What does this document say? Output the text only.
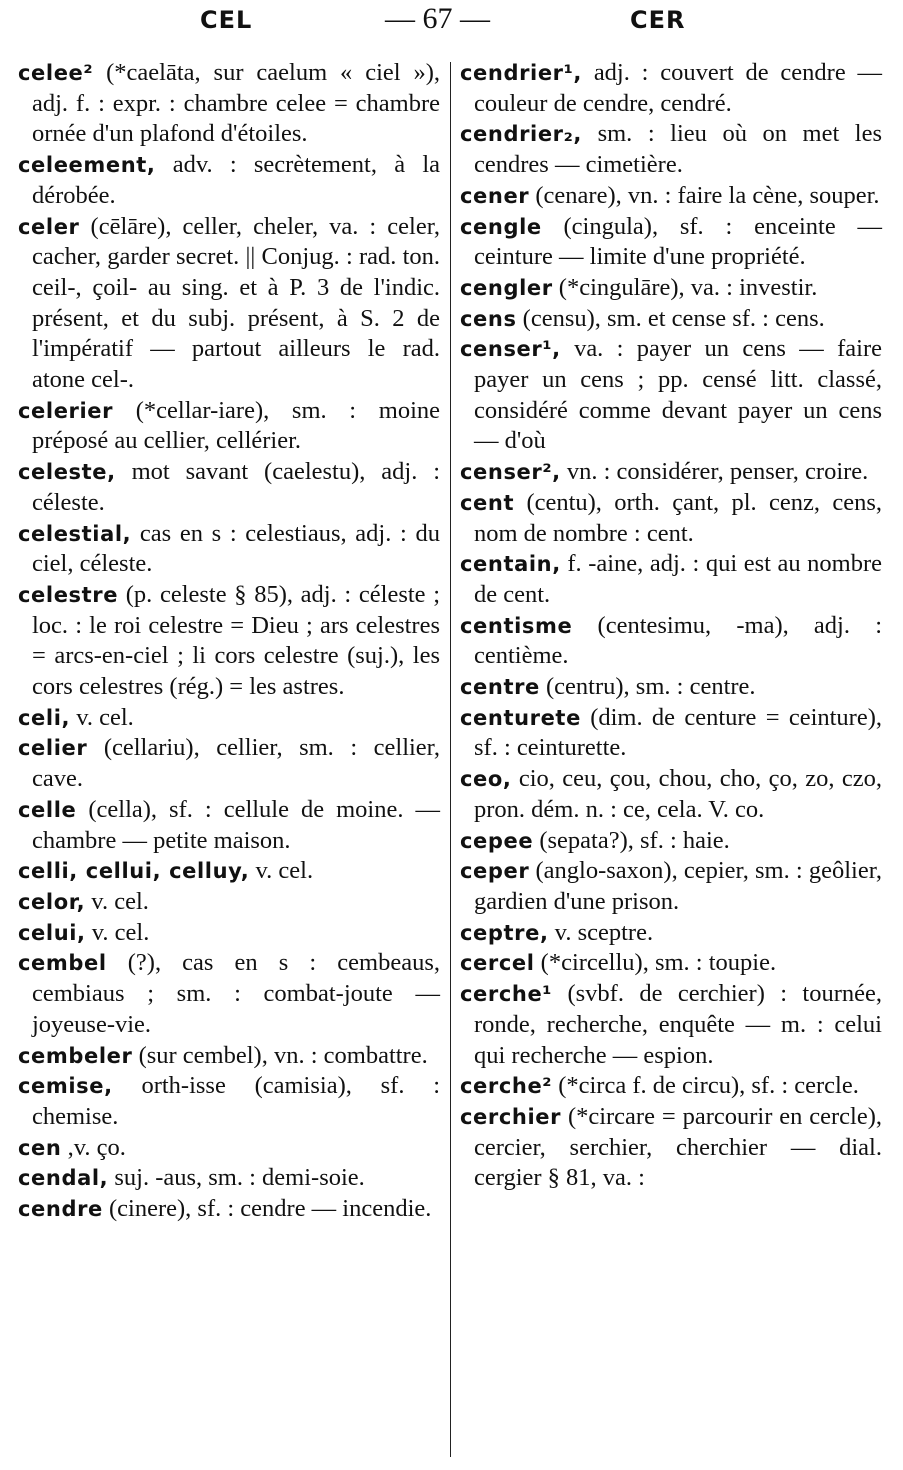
CEL	— 67 —	CER
celee² (*caelāta, sur caelum « ciel »), adj. f. : expr. : chambre celee = chambre ornée d'un plafond d'étoiles.
celeement, adv. : secrètement, à la dérobée.
celer (cēlāre), celler, cheler, va. : celer, cacher, garder secret. || Conjug. : rad. ton. ceil-, çoil- au sing. et à P. 3 de l'indic. présent, et du subj. présent, à S. 2 de l'impératif — partout ailleurs le rad. atone cel-.
celerier (*cellar-iare), sm. : moine préposé au cellier, cellérier.
celeste, mot savant (caelestu), adj. : céleste.
celestial, cas en s : celestiaus, adj. : du ciel, céleste.
celestre (p. celeste § 85), adj. : céleste ; loc. : le roi celestre = Dieu ; ars celestres = arcs-en-ciel ; li cors celestre (suj.), les cors celestres (rég.) = les astres.
celi, v. cel.
celier (cellariu), cellier, sm. : cellier, cave.
celle (cella), sf. : cellule de moine. — chambre — petite maison.
celli, cellui, celluy, v. cel.
celor, v. cel.
celui, v. cel.
cembel (?), cas en s : cembeaus, cembiaus ; sm. : combat-joute — joyeuse-vie.
cembeler (sur cembel), vn. : combattre.
cemise, orth-isse (camisia), sf. : chemise.
cen ,v. ço.
cendal, suj. -aus, sm. : demi-soie.
cendre (cinere), sf. : cendre — incendie.
cendrier¹, adj. : couvert de cendre — couleur de cendre, cendré.
cendrier₂, sm. : lieu où on met les cendres — cimetière.
cener (cenare), vn. : faire la cène, souper.
cengle (cingula), sf. : enceinte — ceinture — limite d'une propriété.
cengler (*cingulāre), va. : investir.
cens (censu), sm. et cense sf. : cens.
censer¹, va. : payer un cens — faire payer un cens ; pp. censé litt. classé, considéré comme devant payer un cens — d'où
censer², vn. : considérer, penser, croire.
cent (centu), orth. çant, pl. cenz, cens, nom de nombre : cent.
centain, f. -aine, adj. : qui est au nombre de cent.
centisme (centesimu, -ma), adj. : centième.
centre (centru), sm. : centre.
centurete (dim. de centure = ceinture), sf. : ceinturette.
ceo, cio, ceu, çou, chou, cho, ço, zo, czo, pron. dém. n. : ce, cela. V. co.
cepee (sepata?), sf. : haie.
ceper (anglo-saxon), cepier, sm. : geôlier, gardien d'une prison.
ceptre, v. sceptre.
cercel (*circellu), sm. : toupie.
cerche¹ (svbf. de cerchier) : tournée, ronde, recherche, enquête — m. : celui qui recherche — espion.
cerche² (*circa f. de circu), sf. : cercle.
cerchier (*circare = parcourir en cercle), cercier, serchier, cherchier — dial. cergier § 81, va. :
